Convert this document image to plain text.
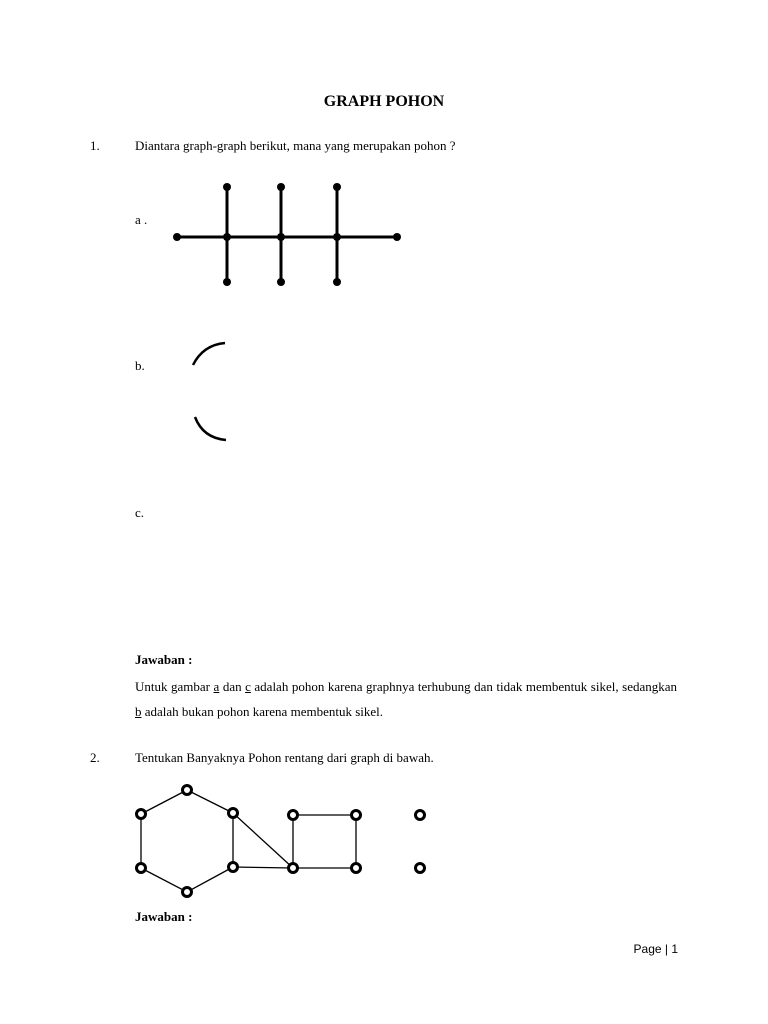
GRAPH POHON
1.	Diantara graph-graph berikut, mana yang merupakan pohon ?
a .
b.
c.
Jawaban :
Untuk gambar a dan c adalah pohon karena graphnya terhubung dan tidak membentuk sikel, sedangkan b adalah bukan pohon karena membentuk sikel.
2.	Tentukan Banyaknya Pohon rentang dari graph di bawah.
Jawaban :
Page | 1
